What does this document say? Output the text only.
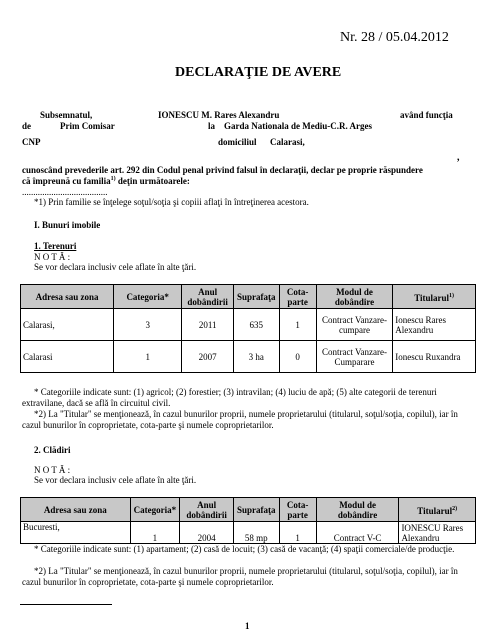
Nr. 28 / 05.04.2012
DECLARAŢIE DE AVERE
Subsemnatul,	IONESCU M. Rares Alexandru	având funcţia
de	Prim Comisar	la Garda Nationala de Mediu-C.R. Arges
CNP	domiciliul Calarasi,
,
cunoscând prevederile art. 292 din Codul penal privind falsul în declaraţii, declar pe proprie răspundere
că împreună cu familia$^{1)}$ deţin următoarele:
......................................
*1) Prin familie se înţelege soţul/soţia şi copiii aflaţi în întreţinerea acestora.
I. Bunuri imobile
1. Terenuri
N O T Ă :
Se vor declara inclusiv cele aflate în alte ţări.
Adresa sau zona	Categoria*	Anul dobândirii	Suprafaţa	Cota-parte	Modul de dobândire	Titularul$^{1)}$
Calarasi,	3	2011	635	1	Contract Vanzare-cumpare	Ionescu Rares Alexandru
Calarasi	1	2007	3 ha	0	Contract Vanzare-Cumparare	Ionescu Ruxandra
* Categoriile indicate sunt: (1) agricol; (2) forestier; (3) intravilan; (4) luciu de apă; (5) alte categorii de terenuri extravilane, dacă se află în circuitul civil.
*2) La "Titular" se menţionează, în cazul bunurilor proprii, numele proprietarului (titularul, soţul/soţia, copilul), iar în cazul bunurilor în coproprietate, cota-parte şi numele coproprietarilor.
2. Clădiri
N O T Ă :
Se vor declara inclusiv cele aflate în alte ţări.
Adresa sau zona	Categoria*	Anul dobândirii	Suprafaţa	Cota-parte	Modul de dobândire	Titularul$^{2)}$
Bucuresti,	1	2004	58 mp	1	Contract V-C	IONESCU Rares Alexandru
* Categoriile indicate sunt: (1) apartament; (2) casă de locuit; (3) casă de vacanţă; (4) spaţii comerciale/de producţie.
*2) La "Titular" se menţionează, în cazul bunurilor proprii, numele proprietarului (titularul, soţul/soţia, copilul), iar în cazul bunurilor în coproprietate, cota-parte şi numele coproprietarilor.
1
